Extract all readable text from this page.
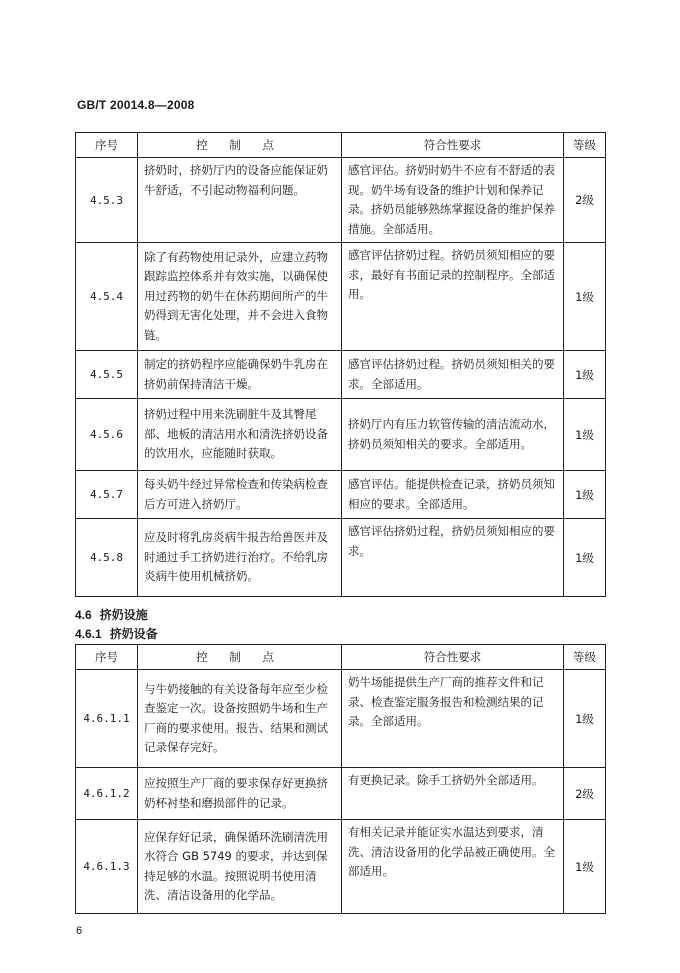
GB/T 20014.8—2008
序号	控 制 点	符合性要求	等级
4.5.3	挤奶时，挤奶厅内的设备应能保证奶牛舒适，不引起动物福利问题。	感官评估。挤奶时奶牛不应有不舒适的表现。奶牛场有设备的维护计划和保养记录。挤奶员能够熟练掌握设备的维护保养措施。全部适用。	2级
4.5.4	除了有药物使用记录外，应建立药物跟踪监控体系并有效实施，以确保使用过药物的奶牛在休药期间所产的牛奶得到无害化处理，并不会进入食物链。	感官评估挤奶过程。挤奶员须知相应的要求，最好有书面记录的控制程序。全部适用。	1级
4.5.5	制定的挤奶程序应能确保奶牛乳房在挤奶前保持清洁干燥。	感官评估挤奶过程。挤奶员须知相关的要求。全部适用。	1级
4.5.6	挤奶过程中用来洗刷脏牛及其臀尾部、地板的清洁用水和清洗挤奶设备的饮用水，应能随时获取。	挤奶厅内有压力软管传输的清洁流动水，挤奶员须知相关的要求。全部适用。	1级
4.5.7	每头奶牛经过异常检查和传染病检查后方可进入挤奶厅。	感官评估。能提供检查记录，挤奶员须知相应的要求。全部适用。	1级
4.5.8	应及时将乳房炎病牛报告给兽医并及时通过手工挤奶进行治疗。不给乳房炎病牛使用机械挤奶。	感官评估挤奶过程，挤奶员须知相应的要求。	1级
4.6 挤奶设施
4.6.1 挤奶设备
序号	控 制 点	符合性要求	等级
4.6.1.1	与牛奶接触的有关设备每年应至少检查鉴定一次。设备按照奶牛场和生产厂商的要求使用。报告、结果和测试记录保存完好。	奶牛场能提供生产厂商的推荐文件和记录、检查鉴定服务报告和检测结果的记录。全部适用。	1级
4.6.1.2	应按照生产厂商的要求保存好更换挤奶杯衬垫和磨损部件的记录。	有更换记录。除手工挤奶外全部适用。	2级
4.6.1.3	应保存好记录，确保循环洗刷清洗用水符合 GB 5749 的要求，并达到保持足够的水温。按照说明书使用清洗、清洁设备用的化学品。	有相关记录并能证实水温达到要求，清洗、清洁设备用的化学品被正确使用。全部适用。	1级
6
